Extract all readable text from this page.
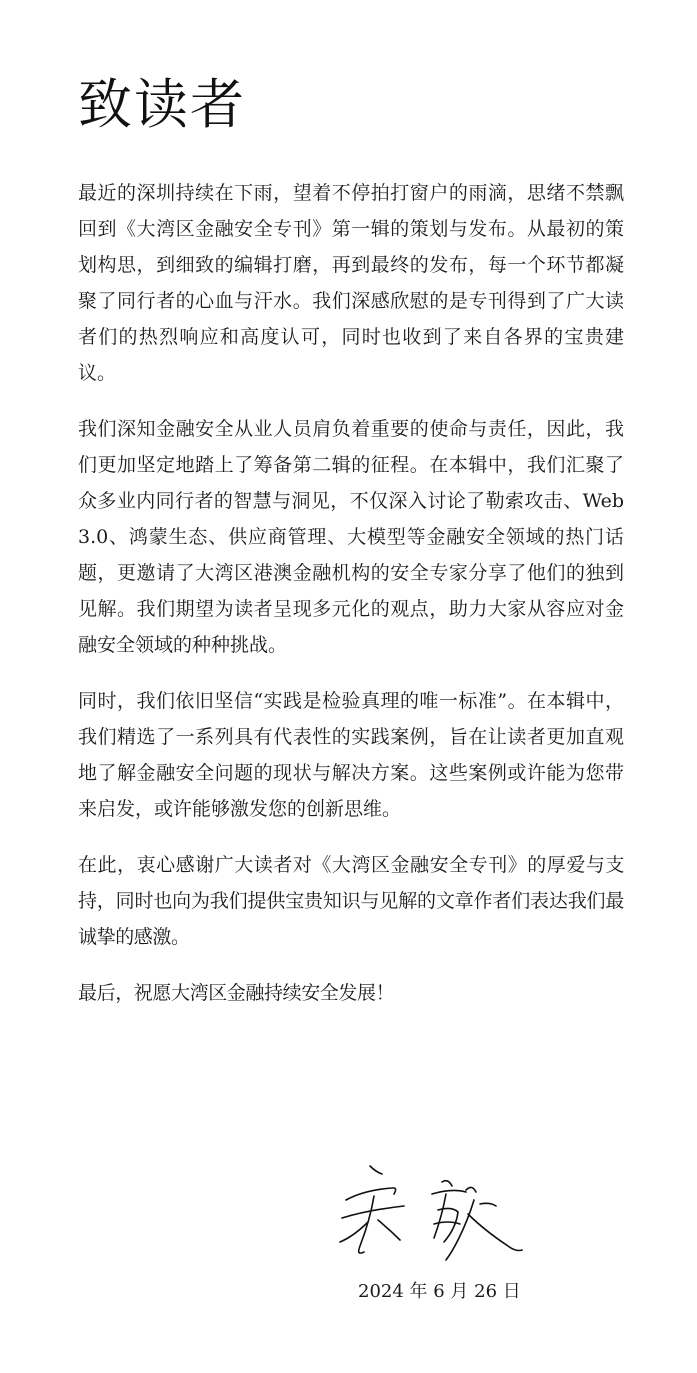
致读者

最近的深圳持续在下雨，望着不停拍打窗户的雨滴，思绪不禁飘回到《大湾区金融安全专刊》第一辑的策划与发布。从最初的策划构思，到细致的编辑打磨，再到最终的发布，每一个环节都凝聚了同行者的心血与汗水。我们深感欣慰的是专刊得到了广大读者们的热烈响应和高度认可，同时也收到了来自各界的宝贵建议。

我们深知金融安全从业人员肩负着重要的使命与责任，因此，我们更加坚定地踏上了筹备第二辑的征程。在本辑中，我们汇聚了众多业内同行者的智慧与洞见，不仅深入讨论了勒索攻击、Web3.0、鸿蒙生态、供应商管理、大模型等金融安全领域的热门话题，更邀请了大湾区港澳金融机构的安全专家分享了他们的独到见解。我们期望为读者呈现多元化的观点，助力大家从容应对金融安全领域的种种挑战。

同时，我们依旧坚信“实践是检验真理的唯一标准”。在本辑中，我们精选了一系列具有代表性的实践案例，旨在让读者更加直观地了解金融安全问题的现状与解决方案。这些案例或许能为您带来启发，或许能够激发您的创新思维。

在此，衷心感谢广大读者对《大湾区金融安全专刊》的厚爱与支持，同时也向为我们提供宝贵知识与见解的文章作者们表达我们最诚挚的感激。

最后，祝愿大湾区金融持续安全发展！

2024 年 6 月 26 日
